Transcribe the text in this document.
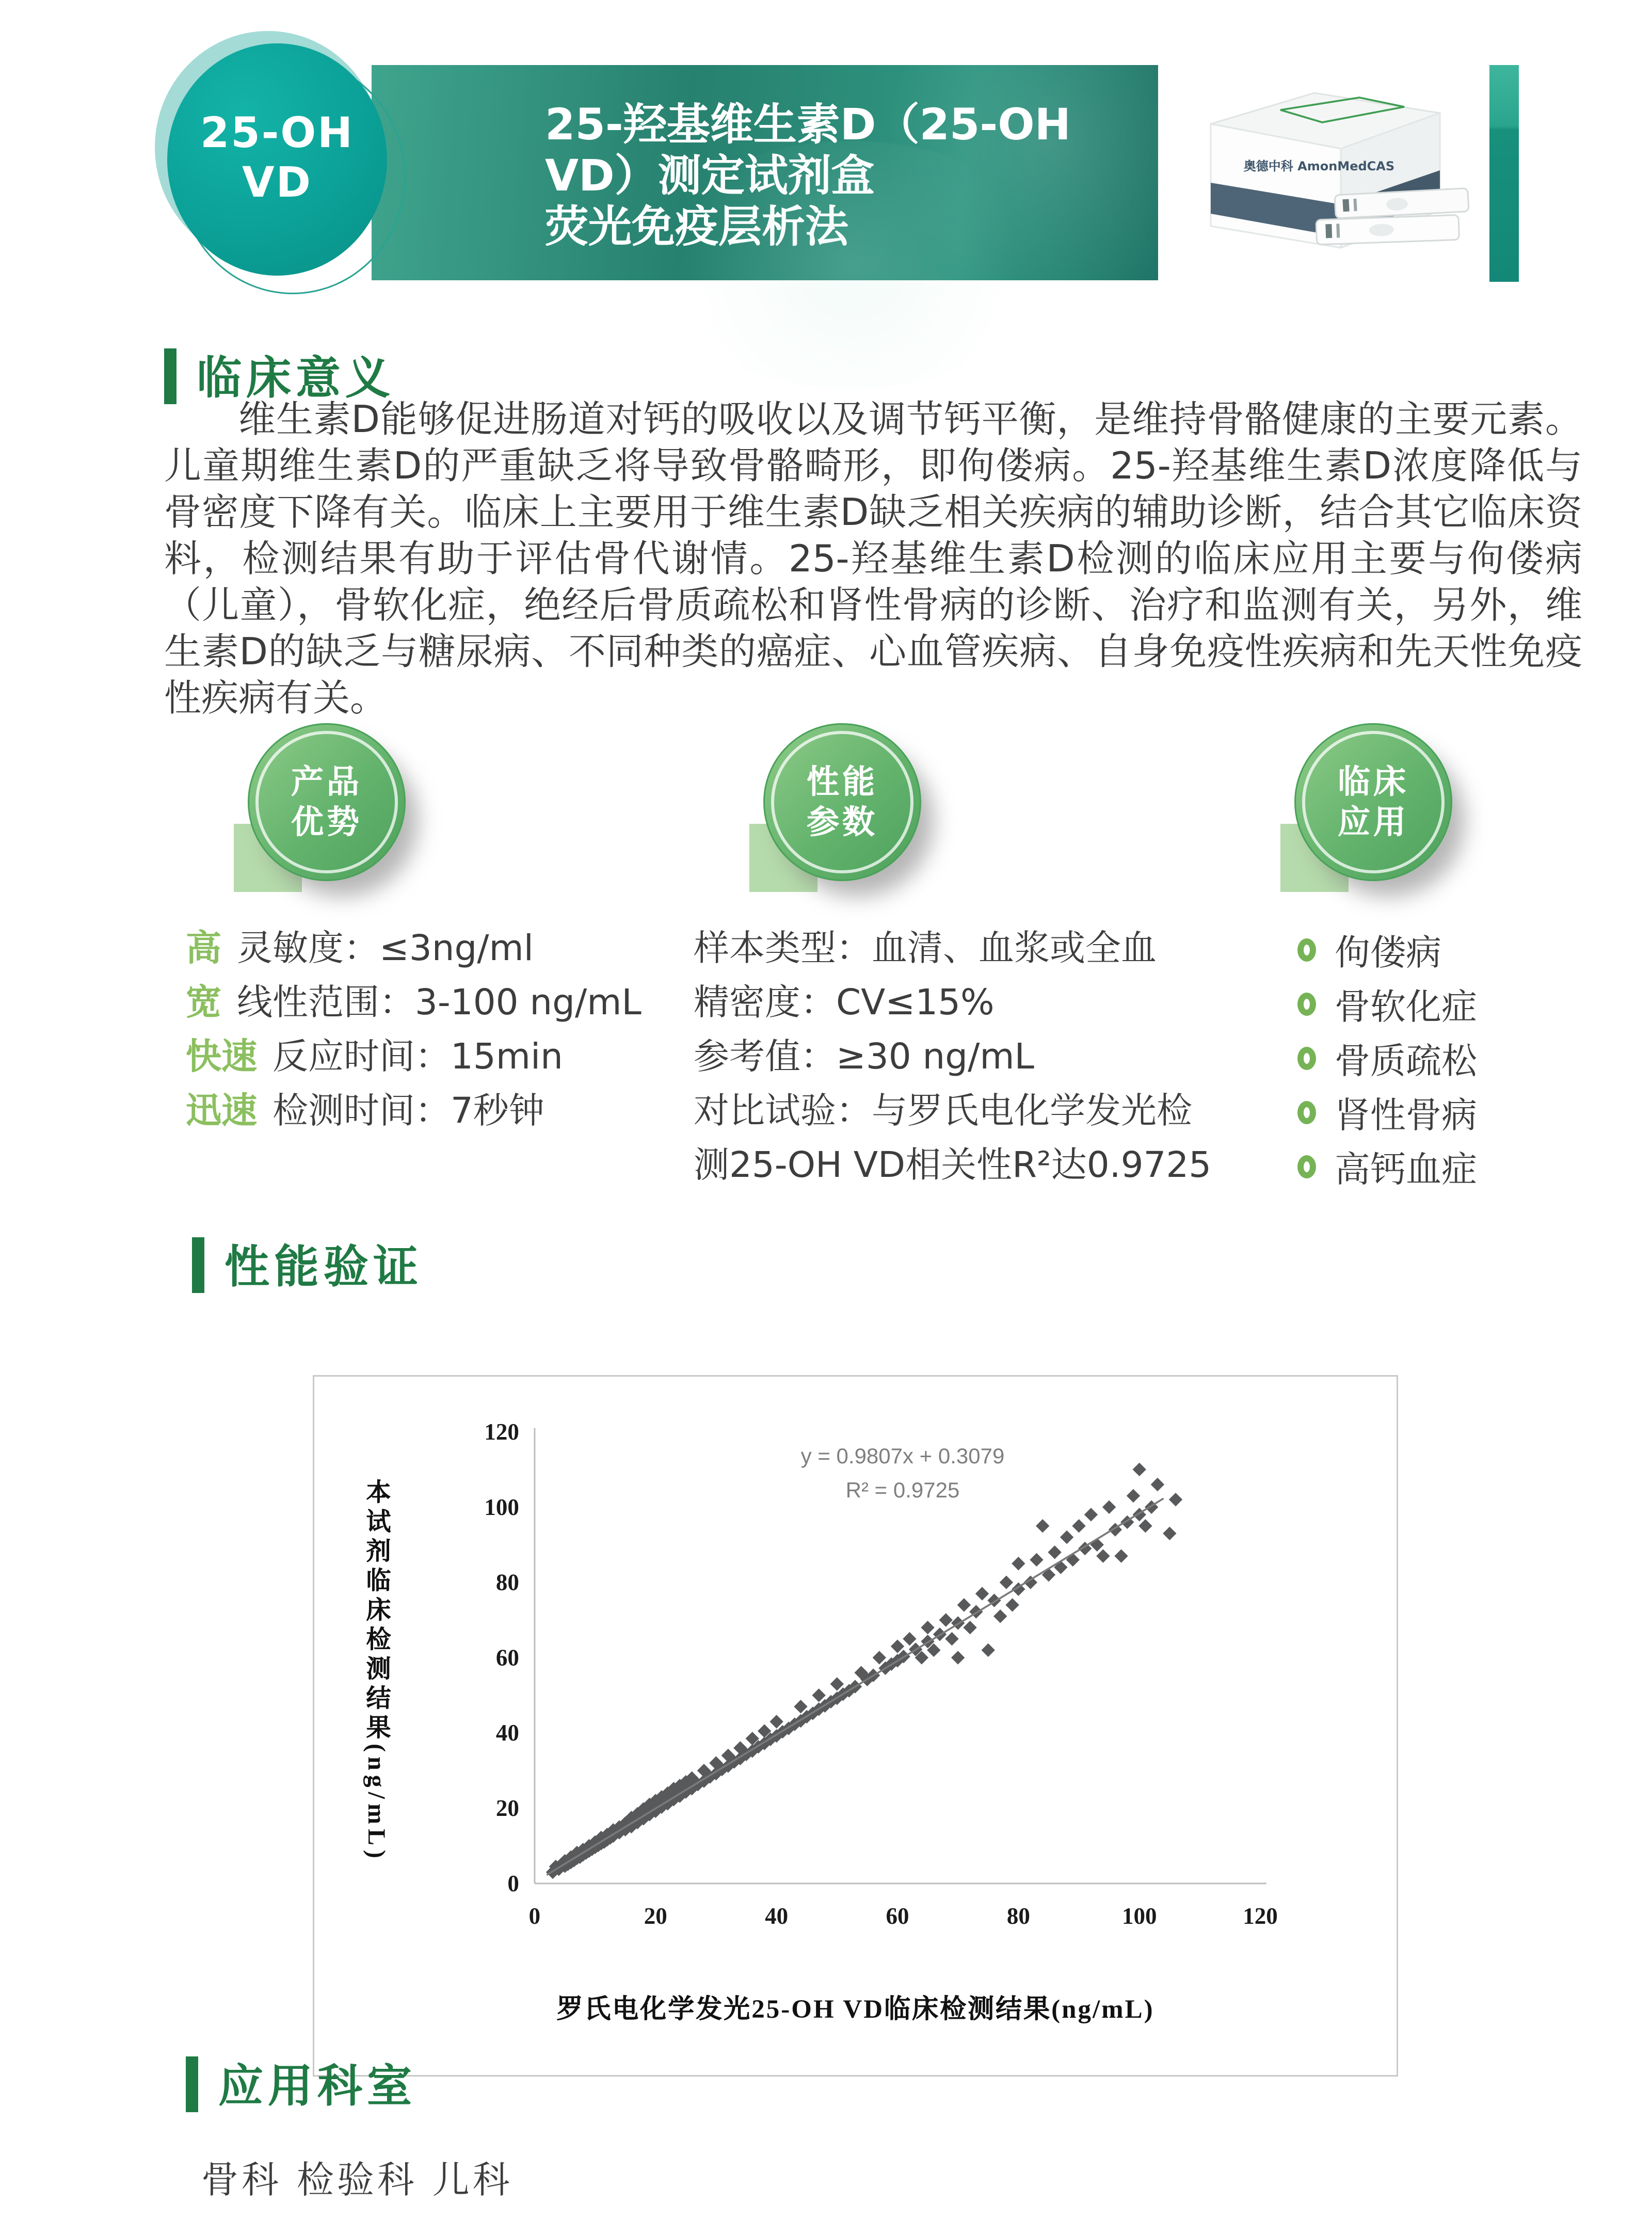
25-羟基维生素D（25-OH VD）测定试剂盒
荧光免疫层析法
注册证编号：闽械注准20202400010
25-OH
VD	奥德中科 AmonMedCAS
临床意义
维生素D能够促进肠道对钙的吸收以及调节钙平衡，是维持骨骼健康的主要元素。儿童期维生素D的严重缺乏将导致骨骼畸形，即佝偻病。25-羟基维生素D浓度降低与骨密度下降有关。临床上主要用于维生素D缺乏相关疾病的辅助诊断，结合其它临床资料，检测结果有助于评估骨代谢情。25-羟基维生素D检测的临床应用主要与佝偻病（儿童），骨软化症，绝经后骨质疏松和肾性骨病的诊断、治疗和监测有关，另外，维生素D的缺乏与糖尿病、不同种类的癌症、心血管疾病、自身免疫性疾病和先天性免疫性疾病有关。
产品
优势
性能
参数
临床
应用
高 灵敏度：≤3ng/ml
宽 线性范围：3-100 ng/mL
快速 反应时间：15min
迅速 检测时间：7秒钟
样本类型：血清、血浆或全血
精密度：CV≤15%
参考值：≥30 ng/mL
对比试验：与罗氏电化学发光检
测25-OH VD相关性R²达0.9725
佝偻病
骨软化症
骨质疏松
肾性骨病
高钙血症
性能验证
0
20
40
60
80
100
120
0	20	40	60	80	100	120
y = 0.9807x + 0.3079
R² = 0.9725
本试剂临床检测结果(ng/mL)
罗氏电化学发光25-OH VD临床检测结果(ng/mL)
应用科室
骨科 检验科 儿科
